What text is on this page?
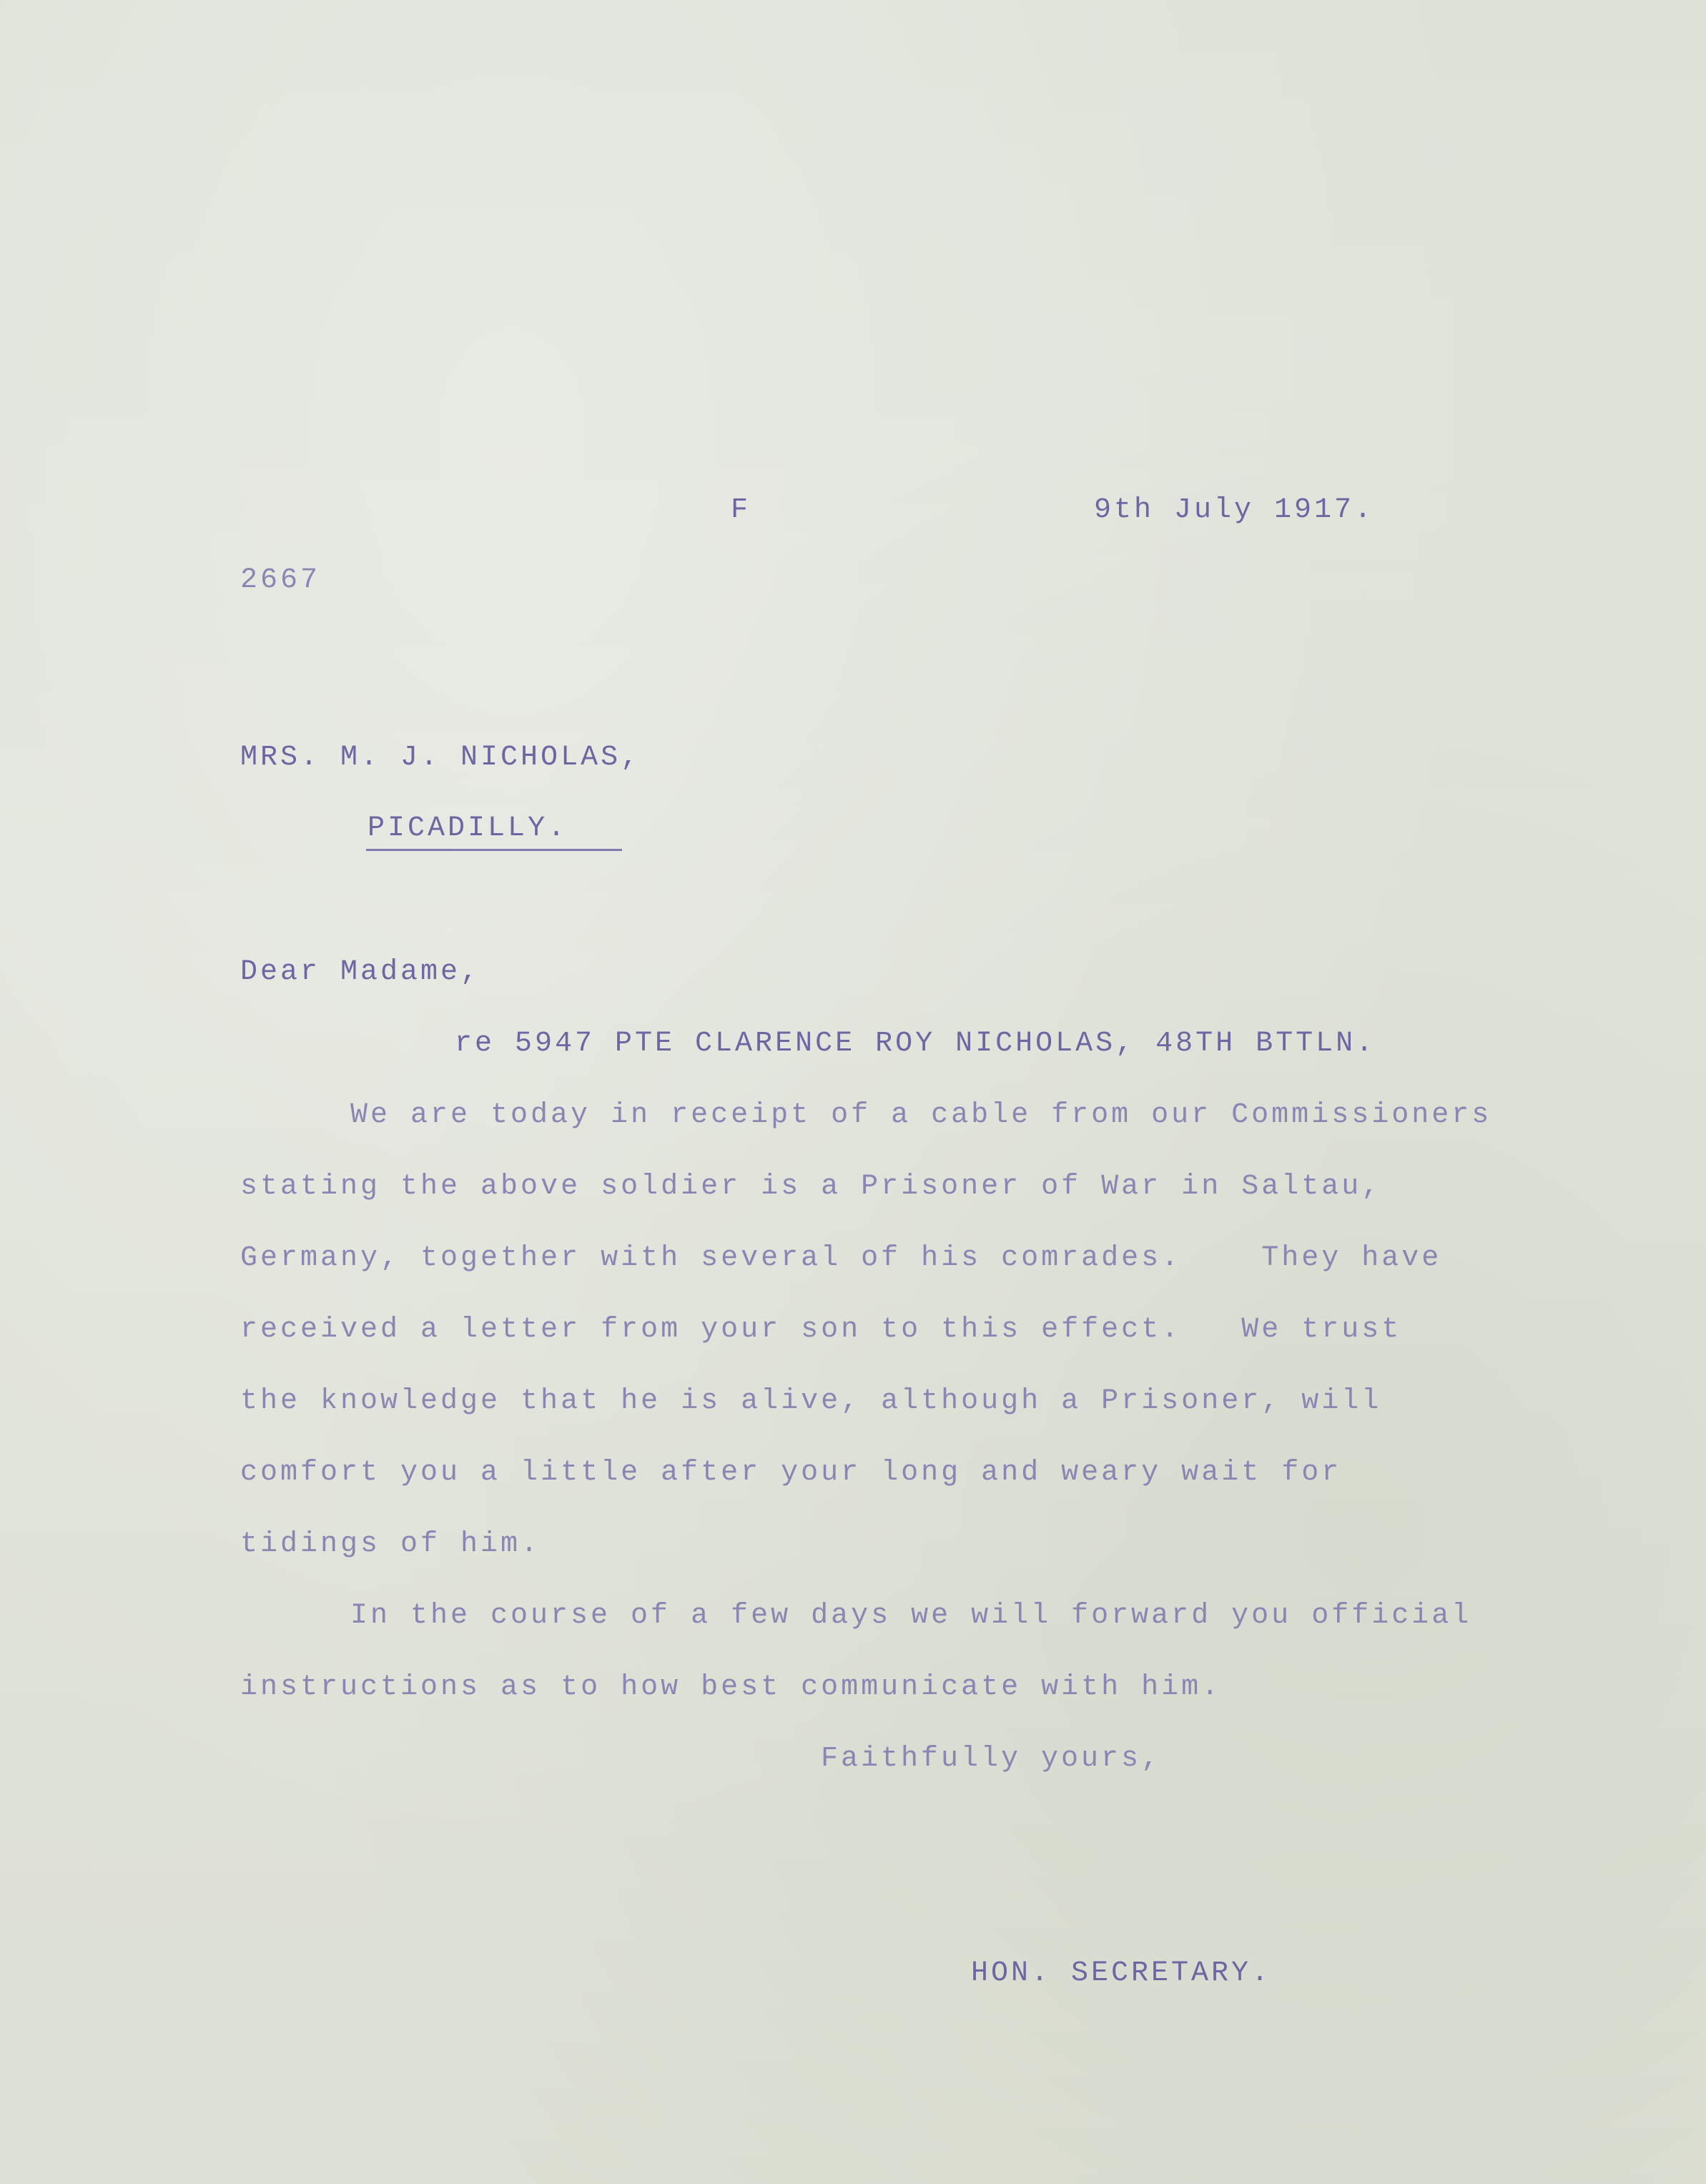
F	9th July 1917.
2667
MRS. M. J. NICHOLAS,
PICADILLY.
Dear Madame,
re 5947 PTE CLARENCE ROY NICHOLAS, 48TH BTTLN.
We are today in receipt of a cable from our Commissioners
stating the above soldier is a Prisoner of War in Saltau,
Germany, together with several of his comrades.    They have
received a letter from your son to this effect.   We trust
the knowledge that he is alive, although a Prisoner, will
comfort you a little after your long and weary wait for
tidings of him.
In the course of a few days we will forward you official
instructions as to how best communicate with him.
Faithfully yours,
HON. SECRETARY.
